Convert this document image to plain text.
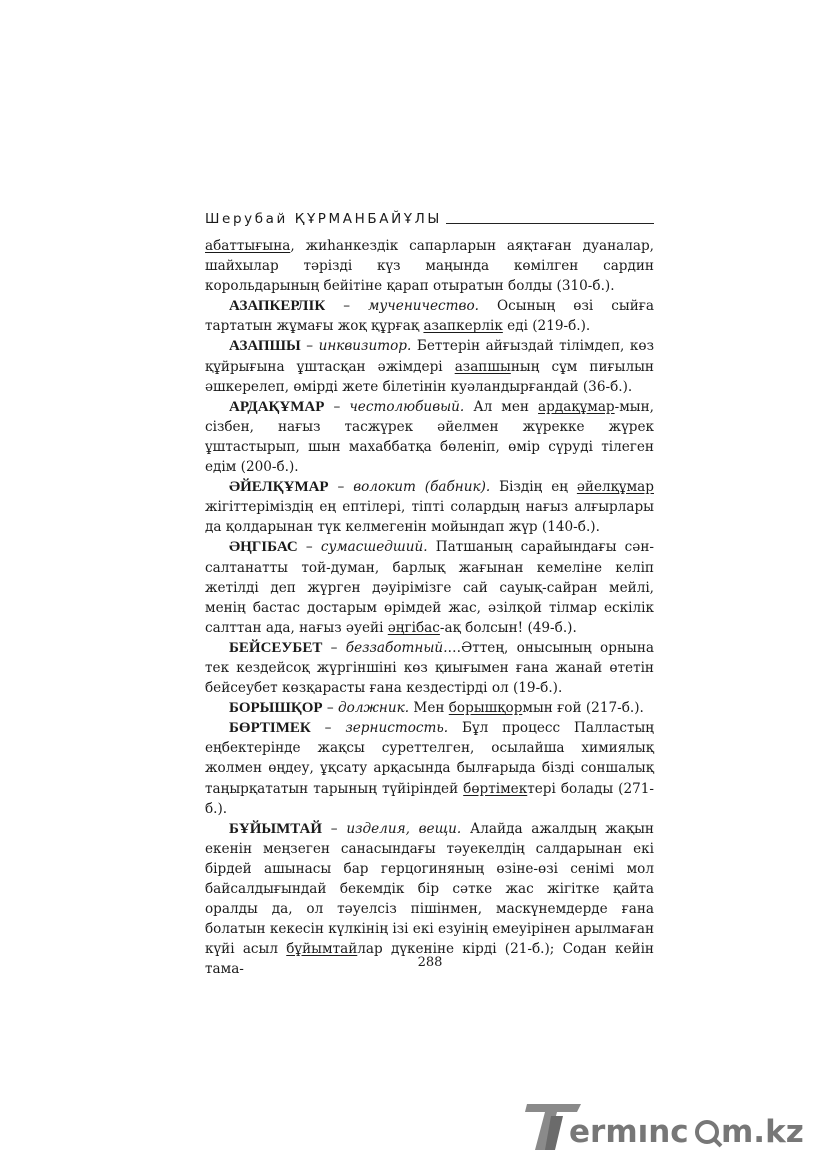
Шерубай ҚҰРМАНБАЙҰЛЫ

абаттығына, жиһанкездік сапарларын аяқтаған дуаналар, шайхылар тәрізді күз маңында көмілген сардин корольдарының бейітіне қарап отыратын болды (310-б.).

АЗАПКЕРЛІК – мученичество. Осының өзі сыйға тартатын жұмағы жоқ құрғақ азапкерлік еді (219-б.).

АЗАПШЫ – инквизитор. Беттерін айғыздай тілімдеп, көз құйрығына ұштасқан әжімдері азапшының сұм пиғылын әшкерелеп, өмірді жете білетінін куәландырғандай (36-б.).

АРДАҚҰМАР – честолюбивый. Ал мен ардақұмар-мын, сізбен, нағыз тасжүрек әйелмен жүрекке жүрек ұштастырып, шын махаббатқа бөленіп, өмір сүруді тілеген едім (200-б.).

ӘЙЕЛҚҰМАР – волокит (бабник). Біздің ең әйелқұмар жігіттеріміздің ең ептілері, тіпті солардың нағыз алғырлары да қолдарынан түк келмегенін мойындап жүр (140-б.).

ӘҢГІБАС – сумасшедший. Патшаның сарайындағы сән-салтанатты той-думан, барлық жағынан кемеліне келіп жетілді деп жүрген дәуірімізге сай сауық-сайран мейлі, менің бастас достарым өрімдей жас, әзілқой тілмар ескілік салттан ада, нағыз әуейі әңгібас-ақ болсын! (49-б.).

БЕЙСЕУБЕТ – беззаботный.…Әттең, онысының орнына тек кездейсоқ жүргіншіні көз қиығымен ғана жанай өтетін бейсеубет көзқарасты ғана кездестірді ол (19-б.).

БОРЫШҚОР – должник. Мен борышқормын ғой (217-б.).

БӨРТІМЕК – зернистость. Бұл процесс Палластың еңбектерінде жақсы суреттелген, осылайша химиялық жолмен өңдеу, ұқсату арқасында былғарыда бізді соншалық таңырқататын тарының түйіріндей бөртімектері болады (271-б.).

БҰЙЫМТАЙ – изделия, вещи. Алайда ажалдың жақын екенін меңзеген санасындағы тәуекелдің салдарынан екі бірдей ашынасы бар герцогиняның өзіне-өзі сенімі мол байсалдығындай бекемдік бір сәтке жас жігітке қайта оралды да, ол тәуелсіз пішінмен, маскүнемдерде ғана болатын кекесін күлкінің ізі екі езуінің емеуірінен арылмаған күйі асыл бұйымтайлар дүкеніне кірді (21-б.); Содан кейін тама-	288
ermınc m.kz
